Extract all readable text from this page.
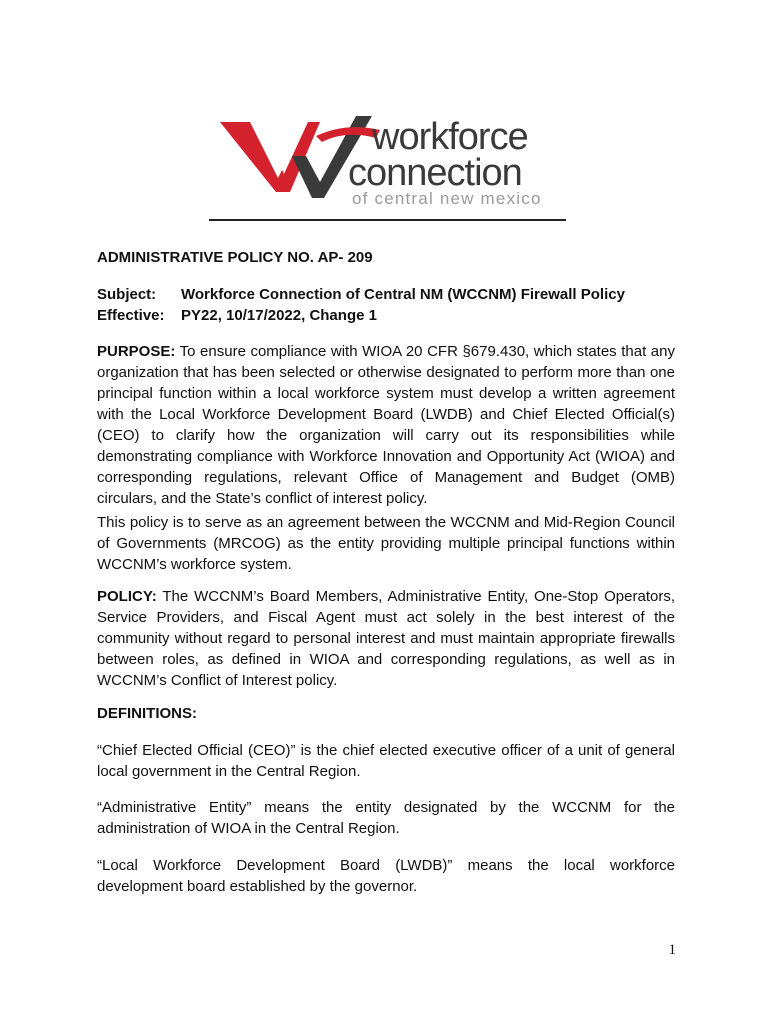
workforce
connection
of central new mexico
ADMINISTRATIVE POLICY NO. AP- 209
Subject:	Workforce Connection of Central NM (WCCNM) Firewall Policy
Effective:	PY22, 10/17/2022, Change 1
PURPOSE: To ensure compliance with WIOA 20 CFR §679.430, which states that any organization that has been selected or otherwise designated to perform more than one principal function within a local workforce system must develop a written agreement with the Local Workforce Development Board (LWDB) and Chief Elected Official(s) (CEO) to clarify how the organization will carry out its responsibilities while demonstrating compliance with Workforce Innovation and Opportunity Act (WIOA) and corresponding regulations, relevant Office of Management and Budget (OMB) circulars, and the State’s conflict of interest policy.
This policy is to serve as an agreement between the WCCNM and Mid-Region Council of Governments (MRCOG) as the entity providing multiple principal functions within WCCNM’s workforce system.
POLICY: The WCCNM’s Board Members, Administrative Entity, One-Stop Operators, Service Providers, and Fiscal Agent must act solely in the best interest of the community without regard to personal interest and must maintain appropriate firewalls between roles, as defined in WIOA and corresponding regulations, as well as in WCCNM’s Conflict of Interest policy.
DEFINITIONS:
“Chief Elected Official (CEO)” is the chief elected executive officer of a unit of general local government in the Central Region.
“Administrative Entity” means the entity designated by the WCCNM for the administration of WIOA in the Central Region.
“Local Workforce Development Board (LWDB)” means the local workforce development board established by the governor.
1
